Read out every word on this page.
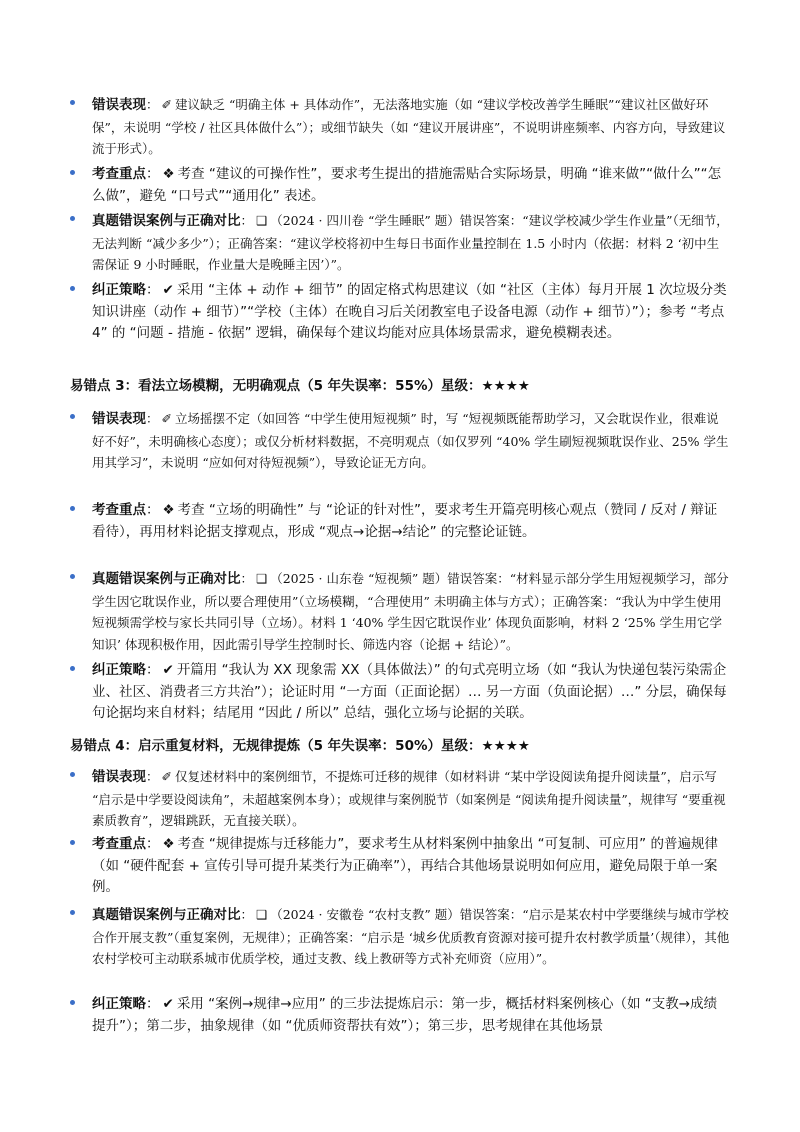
错误表现： ✐ 建议缺乏 “明确主体 + 具体动作”，无法落地实施（如 “建议学校改善学生睡眠”“建议社区做好环保”，未说明 “学校 / 社区具体做什么”）；或细节缺失（如 “建议开展讲座”，不说明讲座频率、内容方向，导致建议流于形式）。
考查重点： ❖ 考查 “建议的可操作性”，要求考生提出的措施需贴合实际场景，明确 “谁来做”“做什么”“怎么做”，避免 “口号式”“通用化” 表述。
真题错误案例与正确对比： ❑ （2024 · 四川卷 “学生睡眠” 题）错误答案：“建议学校减少学生作业量”（无细节，无法判断 “减少多少”）；正确答案：“建议学校将初中生每日书面作业量控制在 1.5 小时内（依据：材料 2 ‘初中生需保证 9 小时睡眠，作业量大是晚睡主因’）”。
纠正策略： ✔ 采用 “主体 + 动作 + 细节” 的固定格式构思建议（如 “社区（主体）每月开展 1 次垃圾分类知识讲座（动作 + 细节）”“学校（主体）在晚自习后关闭教室电子设备电源（动作 + 细节）”）；参考 “考点 4” 的 “问题 - 措施 - 依据” 逻辑，确保每个建议均能对应具体场景需求，避免模糊表述。
易错点 3：看法立场模糊，无明确观点（5 年失误率：55%）星级：★★★★
错误表现： ✐ 立场摇摆不定（如回答 “中学生使用短视频” 时，写 “短视频既能帮助学习，又会耽误作业，很难说好不好”，未明确核心态度）；或仅分析材料数据，不亮明观点（如仅罗列 “40% 学生刷短视频耽误作业、25% 学生用其学习”，未说明 “应如何对待短视频”），导致论证无方向。
考查重点： ❖ 考查 “立场的明确性” 与 “论证的针对性”，要求考生开篇亮明核心观点（赞同 / 反对 / 辩证看待），再用材料论据支撑观点，形成 “观点→论据→结论” 的完整论证链。
真题错误案例与正确对比： ❑ （2025 · 山东卷 “短视频” 题）错误答案：“材料显示部分学生用短视频学习，部分学生因它耽误作业，所以要合理使用”（立场模糊，“合理使用” 未明确主体与方式）；正确答案：“我认为中学生使用短视频需学校与家长共同引导（立场）。材料 1 ‘40% 学生因它耽误作业’ 体现负面影响，材料 2 ‘25% 学生用它学知识’ 体现积极作用，因此需引导学生控制时长、筛选内容（论据 + 结论）”。
纠正策略： ✔ 开篇用 “我认为 XX 现象需 XX（具体做法）” 的句式亮明立场（如 “我认为快递包装污染需企业、社区、消费者三方共治”）；论证时用 “一方面（正面论据）… 另一方面（负面论据）…” 分层，确保每句论据均来自材料；结尾用 “因此 / 所以” 总结，强化立场与论据的关联。
易错点 4：启示重复材料，无规律提炼（5 年失误率：50%）星级：★★★★
错误表现： ✐ 仅复述材料中的案例细节，不提炼可迁移的规律（如材料讲 “某中学设阅读角提升阅读量”，启示写 “启示是中学要设阅读角”，未超越案例本身）；或规律与案例脱节（如案例是 “阅读角提升阅读量”，规律写 “要重视素质教育”，逻辑跳跃，无直接关联）。
考查重点： ❖ 考查 “规律提炼与迁移能力”，要求考生从材料案例中抽象出 “可复制、可应用” 的普遍规律（如 “硬件配套 + 宣传引导可提升某类行为正确率”），再结合其他场景说明如何应用，避免局限于单一案例。
真题错误案例与正确对比： ❑ （2024 · 安徽卷 “农村支教” 题）错误答案：“启示是某农村中学要继续与城市学校合作开展支教”（重复案例，无规律）；正确答案：“启示是 ‘城乡优质教育资源对接可提升农村教学质量’（规律），其他农村学校可主动联系城市优质学校，通过支教、线上教研等方式补充师资（应用）”。
纠正策略： ✔ 采用 “案例→规律→应用” 的三步法提炼启示：第一步，概括材料案例核心（如 “支教→成绩提升”）；第二步，抽象规律（如 “优质师资帮扶有效”）；第三步，思考规律在其他场景
